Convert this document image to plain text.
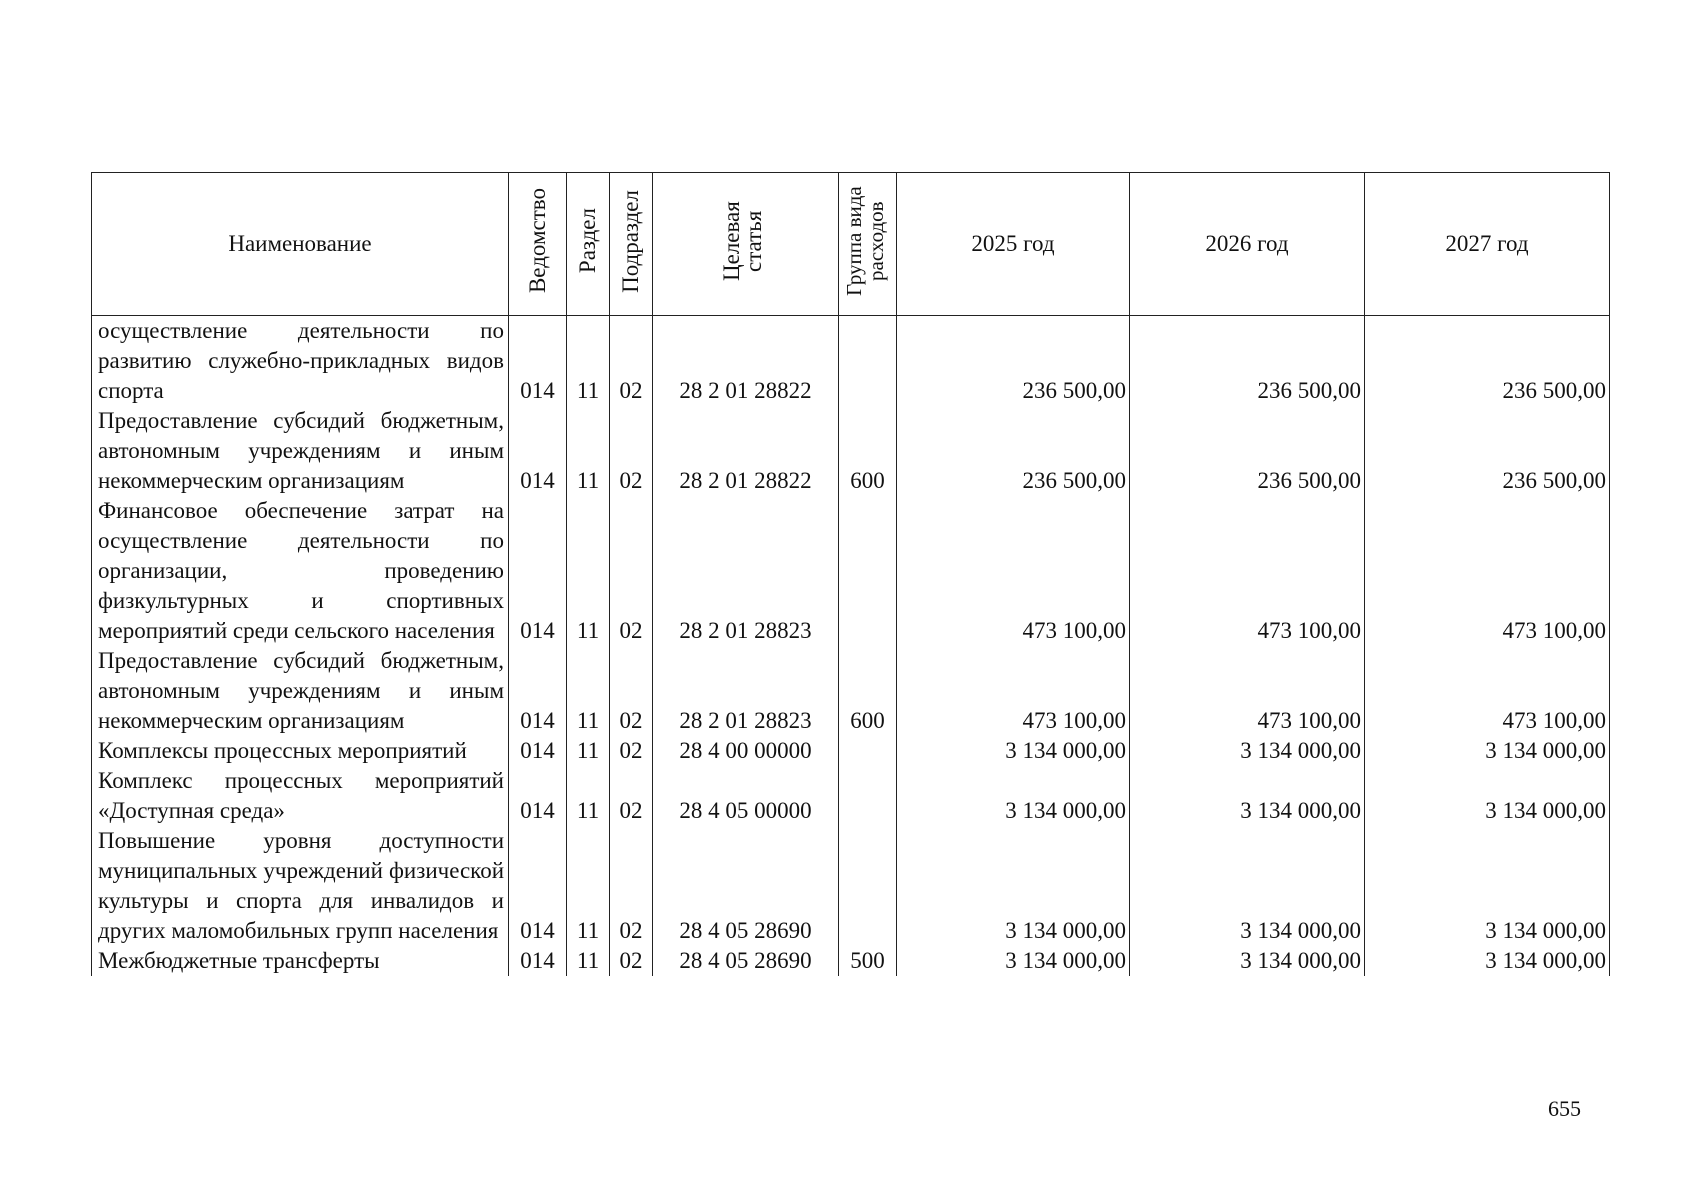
Наименование	Ведомство	Раздел	Подраздел	Целевая статья	Группа вида расходов	2025 год	2026 год	2027 год
осуществление деятельности по развитию служебно-прикладных видов спорта	014	11	02	28 2 01 28822		236 500,00	236 500,00	236 500,00
Предоставление субсидий бюджетным, автономным учреждениям и иным некоммерческим организациям	014	11	02	28 2 01 28822	600	236 500,00	236 500,00	236 500,00
Финансовое обеспечение затрат на осуществление деятельности по организации, проведению физкультурных и спортивных мероприятий среди сельского населения	014	11	02	28 2 01 28823		473 100,00	473 100,00	473 100,00
Предоставление субсидий бюджетным, автономным учреждениям и иным некоммерческим организациям	014	11	02	28 2 01 28823	600	473 100,00	473 100,00	473 100,00
Комплексы процессных мероприятий	014	11	02	28 4 00 00000		3 134 000,00	3 134 000,00	3 134 000,00
Комплекс процессных мероприятий «Доступная среда»	014	11	02	28 4 05 00000		3 134 000,00	3 134 000,00	3 134 000,00
Повышение уровня доступности муниципальных учреждений физической культуры и спорта для инвалидов и других маломобильных групп населения	014	11	02	28 4 05 28690		3 134 000,00	3 134 000,00	3 134 000,00
Межбюджетные трансферты	014	11	02	28 4 05 28690	500	3 134 000,00	3 134 000,00	3 134 000,00
655
